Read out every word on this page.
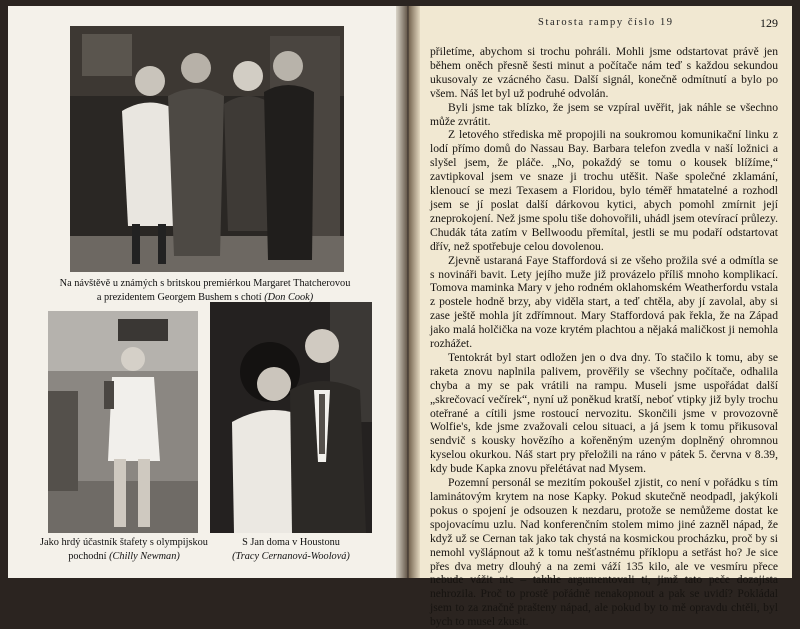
Na návštěvě u známých s britskou premiérkou Margaret Thatcherovou
a prezidentem Georgem Bushem s chotí (Don Cook)
Jako hrdý účastník štafety s olympijskou
pochodní (Chilly Newman)
S Jan doma v Houstonu
(Tracy Cernanová-Woolová)
Starosta rampy číslo 19	129

přiletíme, abychom si trochu pohráli. Mohli jsme odstartovat právě jen během oněch přesně šesti minut a počítače nám teď s každou sekundou ukusovaly ze vzácného času. Další signál, konečně odmítnutí a bylo po všem. Náš let byl už podruhé odvolán.

Byli jsme tak blízko, že jsem se vzpíral uvěřit, jak náhle se všechno může zvrátit.

Z letového střediska mě propojili na soukromou komunikační linku z lodí přímo domů do Nassau Bay. Barbara telefon zvedla v naší ložnici a slyšel jsem, že pláče. „No, pokaždý se tomu o kousek blížíme,“ zavtipkoval jsem ve snaze ji trochu utěšit. Naše společné zklamání, klenoucí se mezi Texasem a Floridou, bylo téměř hmatatelné a rozhodl jsem se jí poslat další dárkovou kytici, abych pomohl zmírnit její zneprokojení. Než jsme spolu tiše dohovořili, uhádl jsem otevírací průlezy. Chudák táta zatím v Bellwoodu přemítal, jestli se mu podaří odstartovat dřív, než spotřebuje celou dovolenou.

Zjevně ustaraná Faye Staffordová si ze všeho prožila své a odmítla se s novináři bavit. Lety jejího muže již provázelo příliš mnoho komplikací. Tomova maminka Mary v jeho rodném oklahomském Weatherfordu vstala z postele hodně brzy, aby viděla start, a teď chtěla, aby jí zavolal, aby si zase ještě mohla jít zdřímnout. Mary Staffordová pak řekla, že na Západ jako malá holčička na voze krytém plachtou a nějaká maličkost ji nemohla rozhážet.

Tentokrát byl start odložen jen o dva dny. To stačilo k tomu, aby se raketa znovu naplnila palivem, prověřily se všechny počítače, odhalila chyba a my se pak vrátili na rampu. Museli jsme uspořádat další „skrečovací večírek“, nyní už poněkud kratší, neboť vtipky již byly trochu oteřrané a cítili jsme rostoucí nervozitu. Skončili jsme v provozovně Wolfie's, kde jsme zvažovali celou situaci, a já jsem k tomu přikusoval sendvič s kousky hovězího a kořeněným uzeným doplněný ohromnou kyselou okurkou. Náš start pry přeložili na ráno v pátek 5. června v 8.39, kdy bude Kapka znovu přelétávat nad Mysem.

Pozemní personál se mezitím pokoušel zjistit, co není v pořádku s tím laminátovým krytem na nose Kapky. Pokud skutečně neodpadl, jakýkoli pokus o spojení je odsouzen k nezdaru, protože se nemůžeme dostat ke spojovacímu uzlu. Nad konferenčním stolem mimo jiné zazněl nápad, že když už se Cernan tak jako tak chystá na kosmickou procházku, proč by si nemohl vyšlápnout až k tomu nešťastnému příklopu a setřást ho? Je sice přes dva metry dlouhý a na zemi váží 135 kilo, ale ve vesmíru přece nebude vážit nic – takhle argumentovali ti, jimž tato peče dozajista nehrozila. Proč to prostě pořádně nenakopnout a pak se uvidí? Pokládal jsem to za značně prašteny nápad, ale pokud by to mě opravdu chtěli, byl bych to musel zkusit.
